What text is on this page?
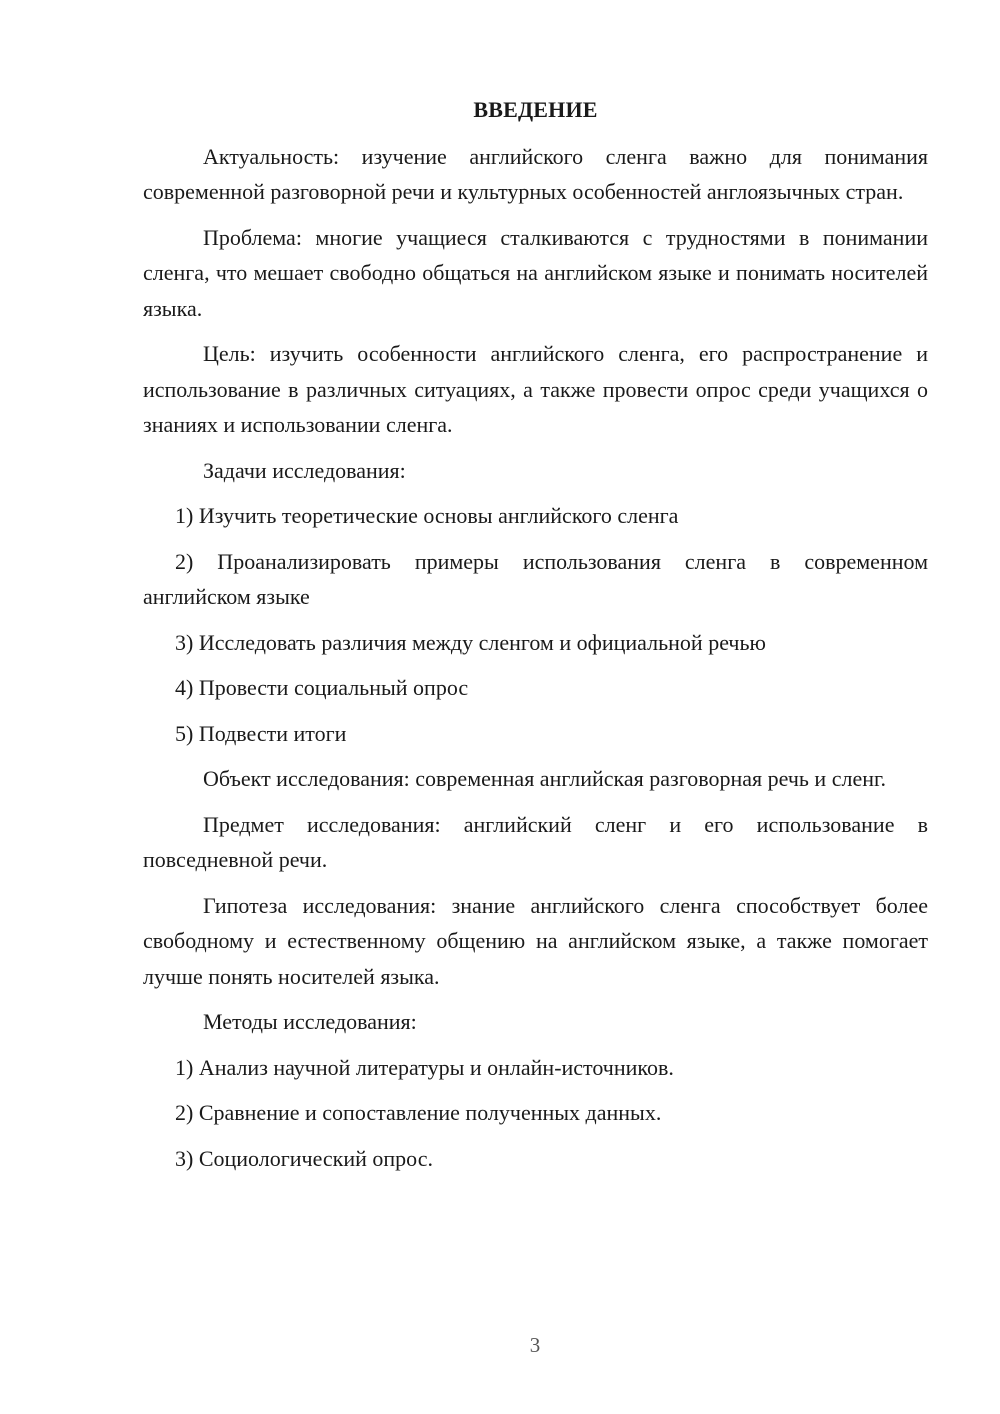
ВВЕДЕНИЕ

Актуальность: изучение английского сленга важно для понимания современной разговорной речи и культурных особенностей англоязычных стран.

Проблема: многие учащиеся сталкиваются с трудностями в понимании сленга, что мешает свободно общаться на английском языке и понимать носителей языка.

Цель: изучить особенности английского сленга, его распространение и использование в различных ситуациях, а также провести опрос среди учащихся о знаниях и использовании сленга.

Задачи исследования:

1) Изучить теоретические основы английского сленга

2) Проанализировать примеры использования сленга в современном английском языке

3) Исследовать различия между сленгом и официальной речью

4) Провести социальный опрос

5) Подвести итоги

Объект исследования: современная английская разговорная речь и сленг.

Предмет исследования: английский сленг и его использование в повседневной речи.

Гипотеза исследования: знание английского сленга способствует более свободному и естественному общению на английском языке, а также помогает лучше понять носителей языка.

Методы исследования:

1) Анализ научной литературы и онлайн-источников.

2) Сравнение и сопоставление полученных данных.

3) Социологический опрос.

3
